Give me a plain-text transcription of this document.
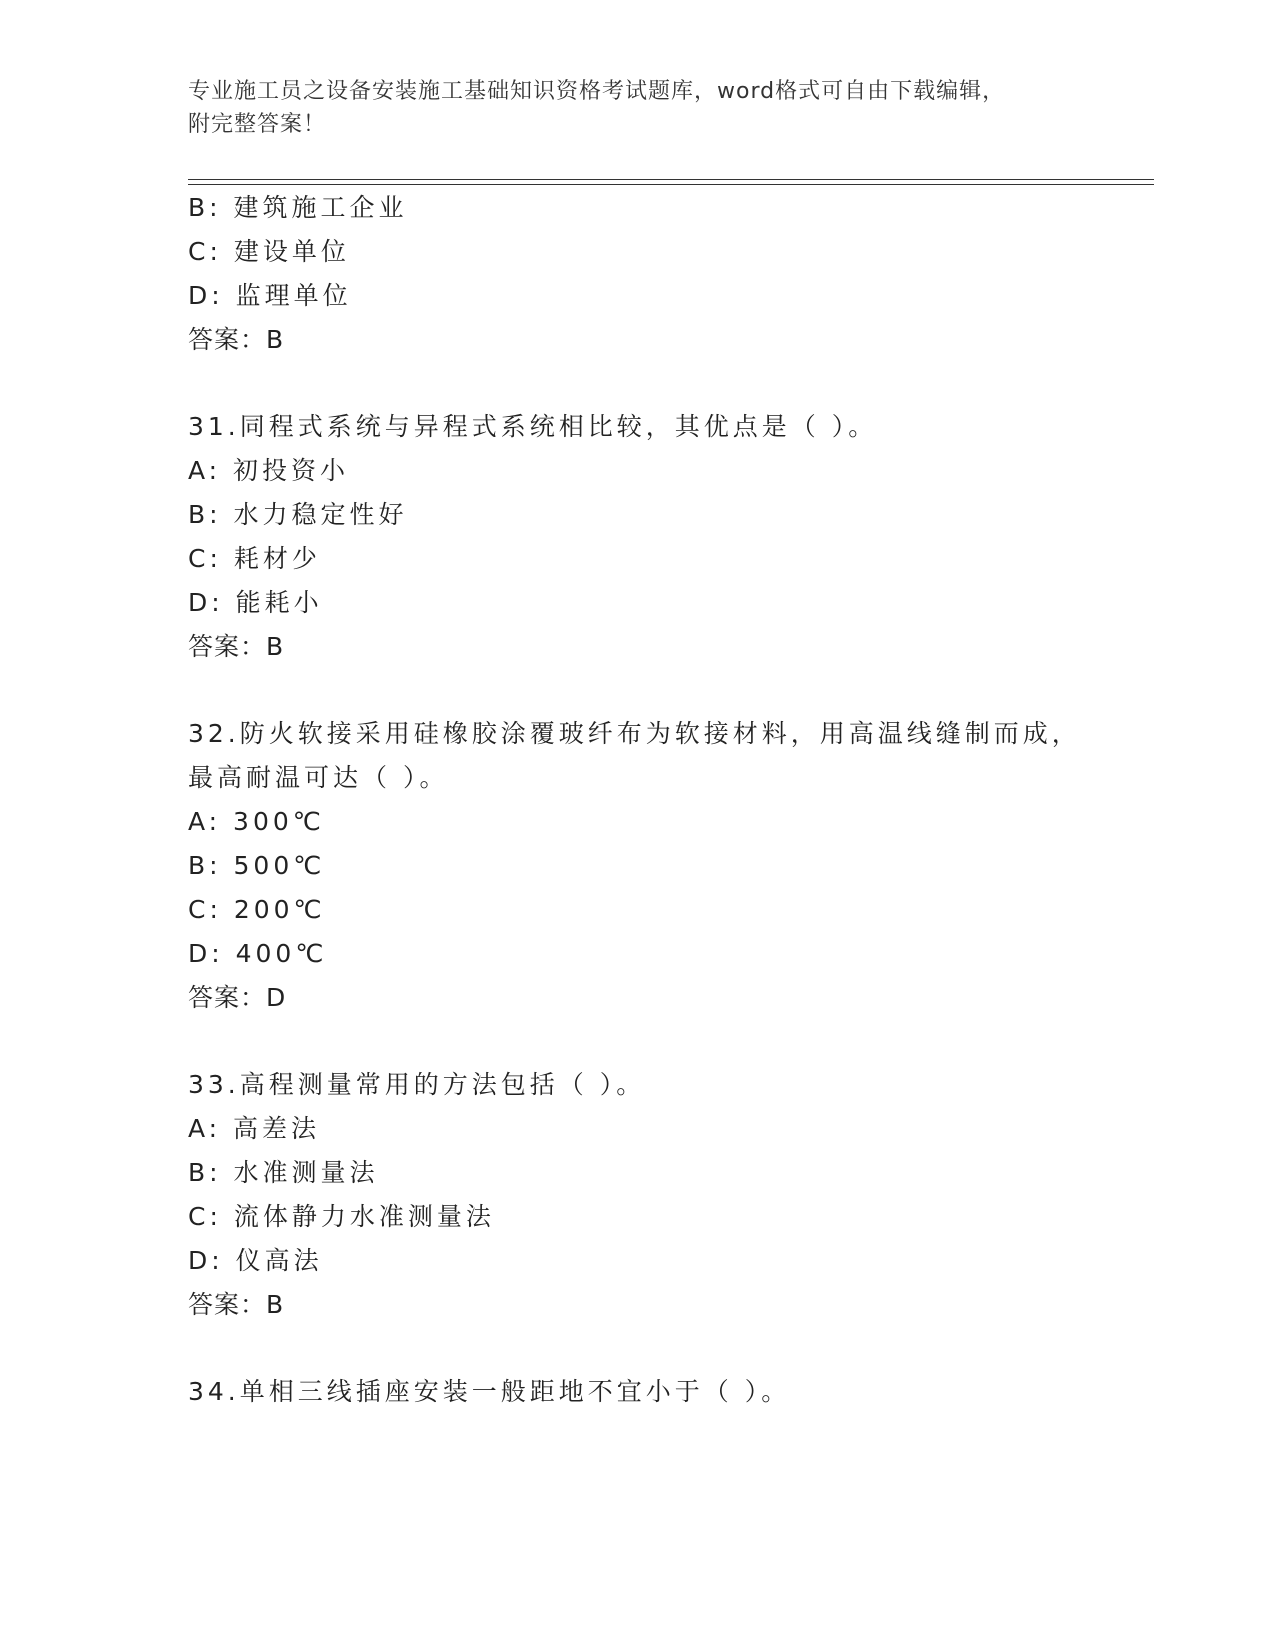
专业施工员之设备安装施工基础知识资格考试题库，word格式可自由下载编辑，
附完整答案！
B: 建筑施工企业
C: 建设单位
D: 监理单位
答案：B
31.同程式系统与异程式系统相比较，其优点是（ ）。
A: 初投资小
B: 水力稳定性好
C: 耗材少
D: 能耗小
答案：B
32.防火软接采用硅橡胶涂覆玻纤布为软接材料，用高温线缝制而成，
最高耐温可达（ ）。
A: 300℃
B: 500℃
C: 200℃
D: 400℃
答案：D
33.高程测量常用的方法包括（ ）。
A: 高差法
B: 水准测量法
C: 流体静力水准测量法
D: 仪高法
答案：B
34.单相三线插座安装一般距地不宜小于（ ）。
